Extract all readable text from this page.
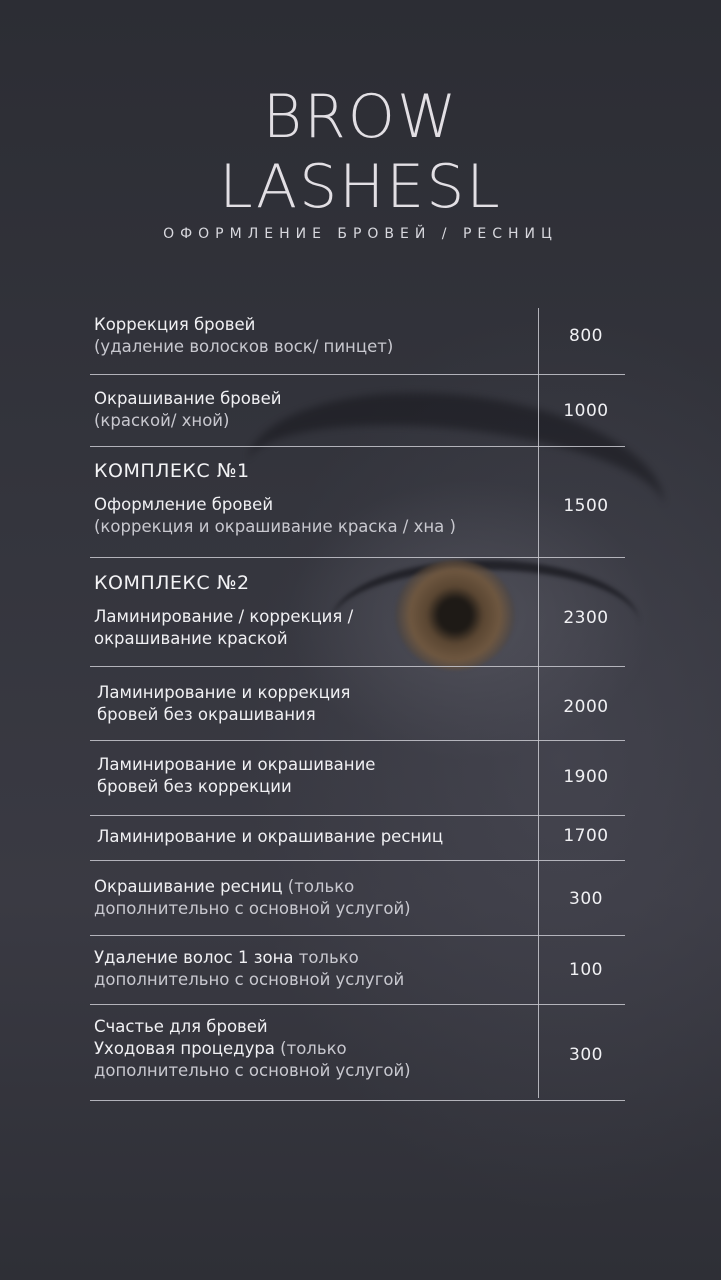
BROW
LASHESL
ОФОРМЛЕНИЕ БРОВЕЙ / РЕСНИЦ
Коррекция бровей
(удаление волосков воск/ пинцет)
800
Окрашивание бровей
(краской/ хной)	1000
КОМПЛЕКС №1
Оформление бровей
(коррекция и окрашивание краска / хна )
1500
КОМПЛЕКС №2
Ламинирование / коррекция /
окрашивание краской
2300
Ламинирование и коррекция
бровей без окрашивания	2000
Ламинирование и окрашивание
бровей без коррекции	1900
Ламинирование и окрашивание ресниц	1700
Окрашивание ресниц (только
дополнительно с основной услугой)	300
Удаление волос 1 зона только
дополнительно с основной услугой	100
Счастье для бровей
Уходовая процедура (только
дополнительно с основной услугой)
300
